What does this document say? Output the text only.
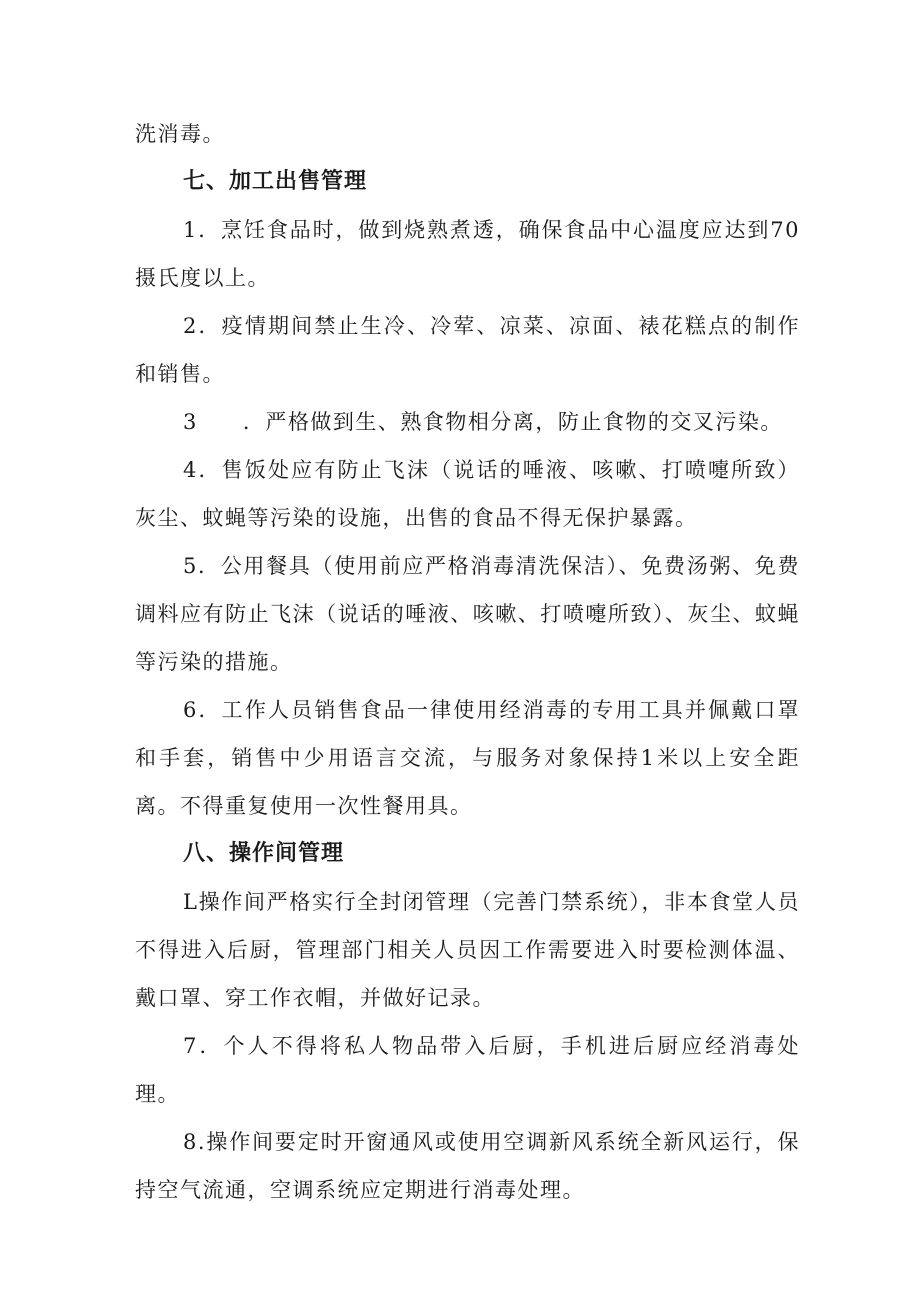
洗消毒。

七、加工出售管理

1．烹饪食品时，做到烧熟煮透，确保食品中心温度应达到70摄氏度以上。

2．疫情期间禁止生冷、冷荤、凉菜、凉面、裱花糕点的制作和销售。

3　　．严格做到生、熟食物相分离，防止食物的交叉污染。

4．售饭处应有防止飞沫（说话的唾液、咳嗽、打喷嚏所致）灰尘、蚊蝇等污染的设施，出售的食品不得无保护暴露。

5．公用餐具（使用前应严格消毒清洗保洁）、免费汤粥、免费调料应有防止飞沫（说话的唾液、咳嗽、打喷嚏所致）、灰尘、蚊蝇等污染的措施。

6．工作人员销售食品一律使用经消毒的专用工具并佩戴口罩和手套，销售中少用语言交流，与服务对象保持1米以上安全距离。不得重复使用一次性餐用具。

八、操作间管理

L操作间严格实行全封闭管理（完善门禁系统），非本食堂人员不得进入后厨，管理部门相关人员因工作需要进入时要检测体温、戴口罩、穿工作衣帽，并做好记录。

7．个人不得将私人物品带入后厨，手机进后厨应经消毒处理。

8.操作间要定时开窗通风或使用空调新风系统全新风运行，保持空气流通，空调系统应定期进行消毒处理。
